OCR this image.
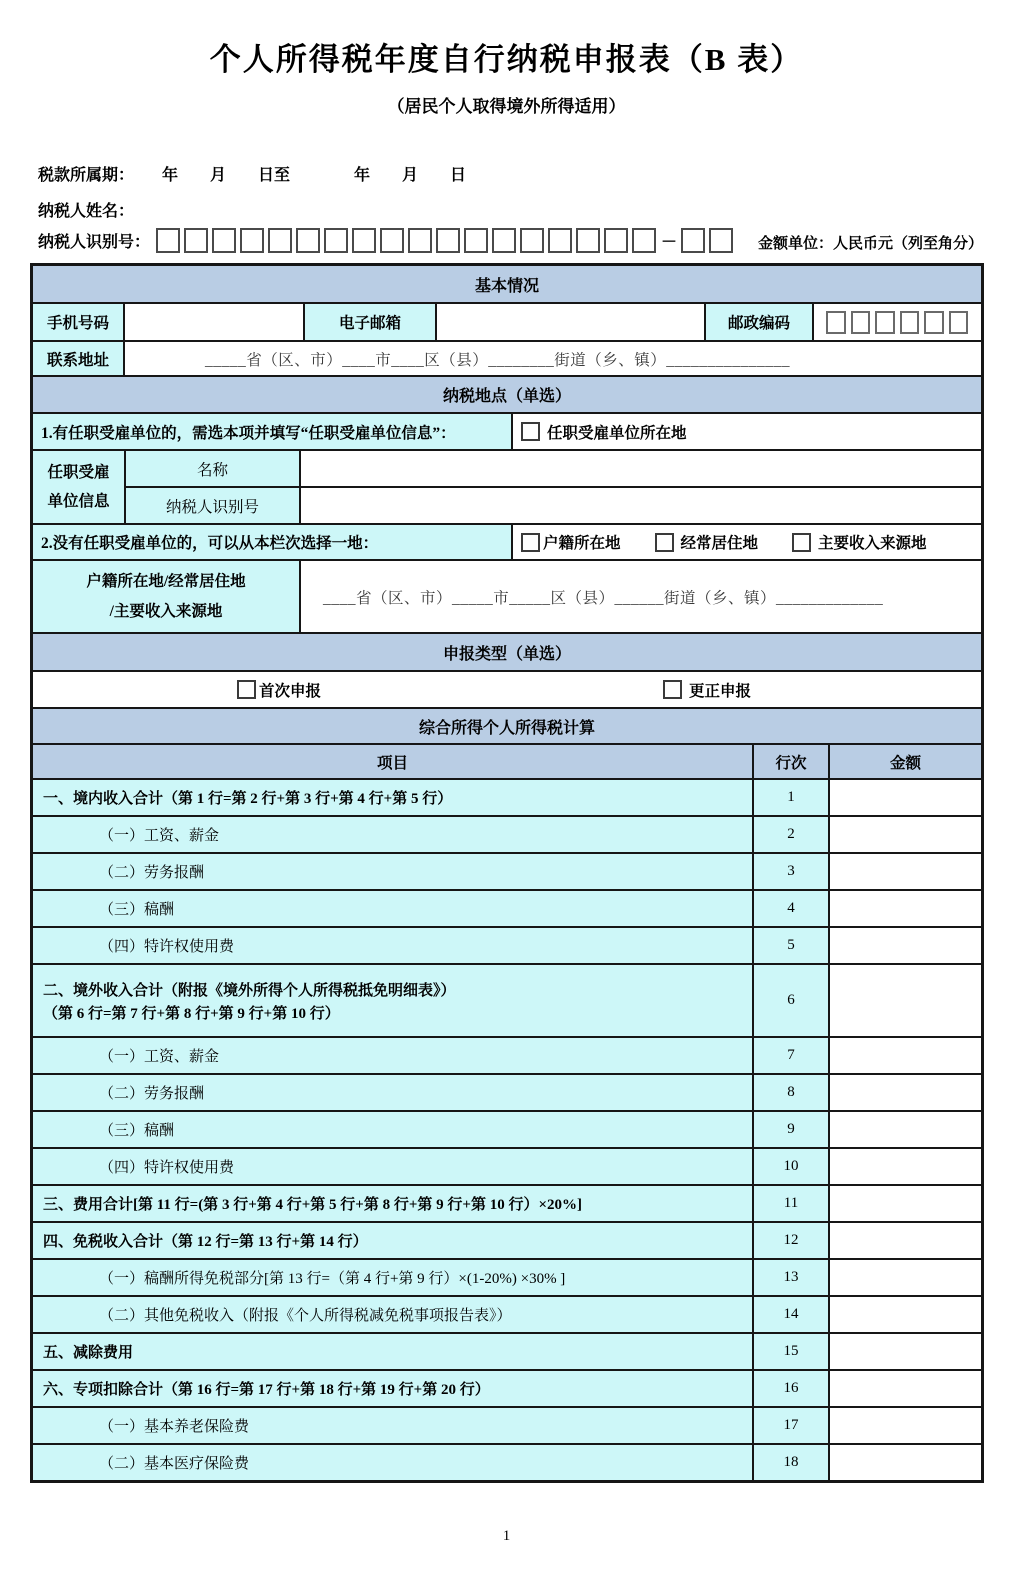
个人所得税年度自行纳税申报表（B 表）
（居民个人取得境外所得适用）
税款所属期： 年　　月　　日至　　　　年　　月　　日
纳税人姓名：
纳税人识别号：	－	金额单位：人民币元（列至角分）
基本情况
手机号码	电子邮箱	邮政编码
联系地址	_____省（区、市）____市____区（县）________街道（乡、镇）_______________
纳税地点（单选）
1.有任职受雇单位的，需选本项并填写“任职受雇单位信息”：	任职受雇单位所在地
任职受雇
单位信息
名称
纳税人识别号
2.没有任职受雇单位的，可以从本栏次选择一地：	户籍所在地	经常居住地	主要收入来源地
户籍所在地/经常居住地
/主要收入来源地
____省（区、市）_____市_____区（县）______街道（乡、镇）_____________
申报类型（单选）
首次申报	更正申报
综合所得个人所得税计算
项目	行次	金额
一、境内收入合计（第 1 行=第 2 行+第 3 行+第 4 行+第 5 行）	1
（一）工资、薪金	2
（二）劳务报酬	3
（三）稿酬	4
（四）特许权使用费	5
二、境外收入合计（附报《境外所得个人所得税抵免明细表》）
（第 6 行=第 7 行+第 8 行+第 9 行+第 10 行）
6
（一）工资、薪金	7
（二）劳务报酬	8
（三）稿酬	9
（四）特许权使用费	10
三、费用合计[第 11 行=(第 3 行+第 4 行+第 5 行+第 8 行+第 9 行+第 10 行）×20%]	11
四、免税收入合计（第 12 行=第 13 行+第 14 行）	12
（一）稿酬所得免税部分[第 13 行=（第 4 行+第 9 行）×(1-20%) ×30% ]	13
（二）其他免税收入（附报《个人所得税减免税事项报告表》）	14
五、减除费用	15
六、专项扣除合计（第 16 行=第 17 行+第 18 行+第 19 行+第 20 行）	16
（一）基本养老保险费	17
（二）基本医疗保险费	18
1
